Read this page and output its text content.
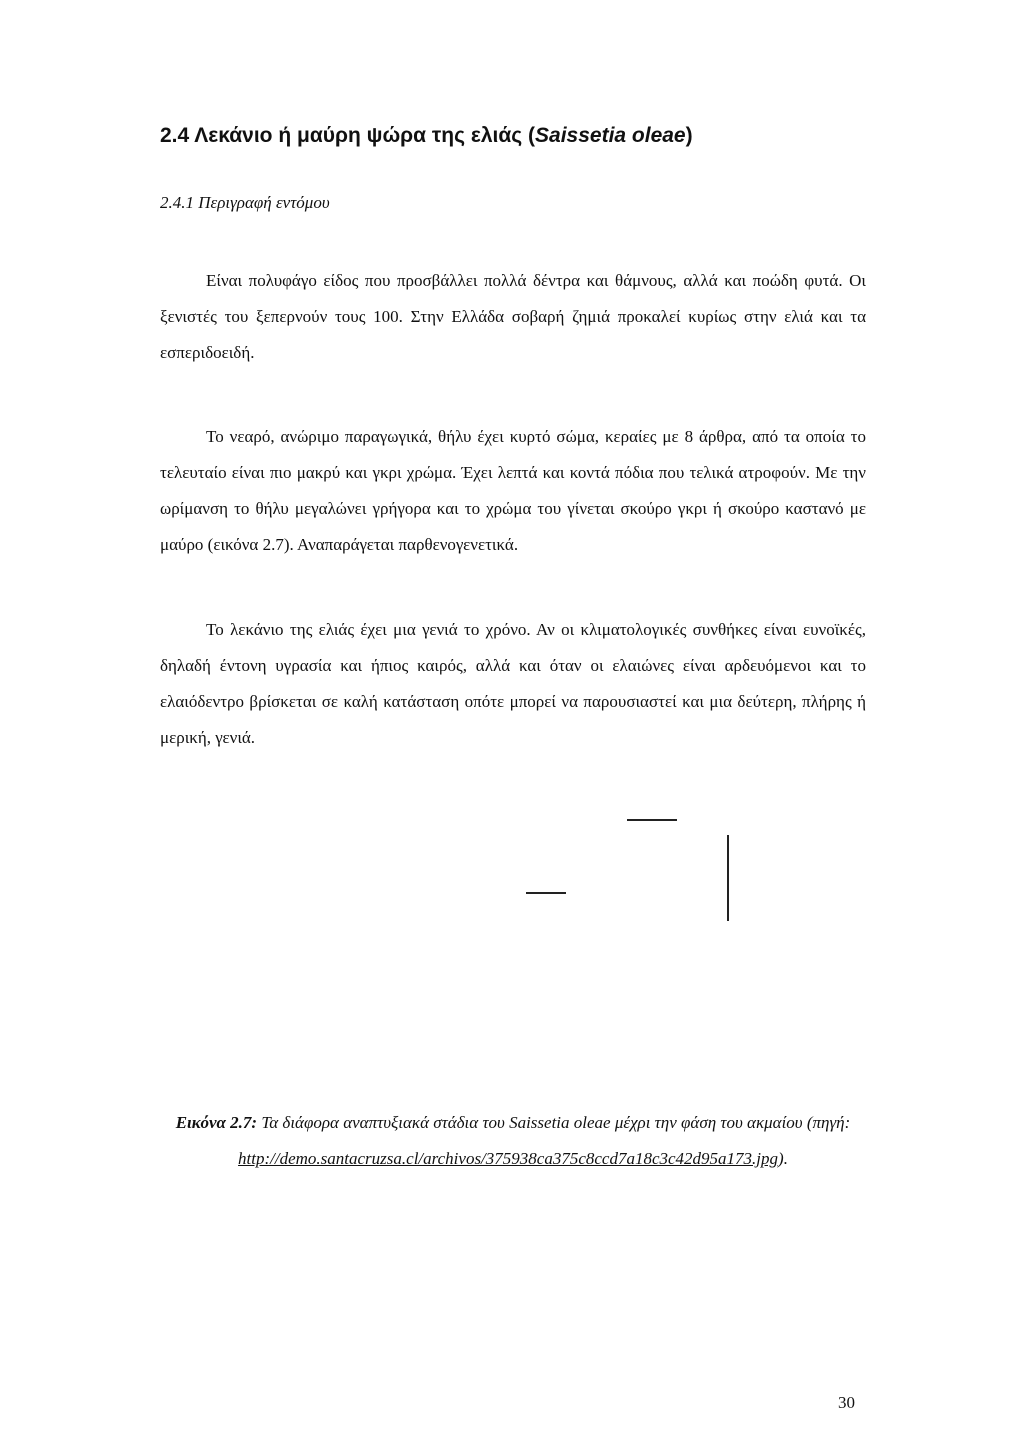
2.4 Λεκάνιο ή μαύρη ψώρα της ελιάς (Saissetia oleae)
2.4.1 Περιγραφή εντόμου

Είναι πολυφάγο είδος που προσβάλλει πολλά δέντρα και θάμνους, αλλά και ποώδη φυτά. Οι ξενιστές του ξεπερνούν τους 100. Στην Ελλάδα σοβαρή ζημιά προκαλεί κυρίως στην ελιά και τα εσπεριδοειδή.

Το νεαρό, ανώριμο παραγωγικά, θήλυ έχει κυρτό σώμα, κεραίες με 8 άρθρα, από τα οποία το τελευταίο είναι πιο μακρύ και γκρι χρώμα. Έχει λεπτά και κοντά πόδια που τελικά ατροφούν. Με την ωρίμανση το θήλυ μεγαλώνει γρήγορα και το χρώμα του γίνεται σκούρο γκρι ή σκούρο καστανό με μαύρο (εικόνα 2.7). Αναπαράγεται παρθενογενετικά.

Το λεκάνιο της ελιάς έχει μια γενιά το χρόνο. Αν οι κλιματολογικές συνθήκες είναι ευνοϊκές, δηλαδή έντονη υγρασία και ήπιος καιρός, αλλά και όταν οι ελαιώνες είναι αρδευόμενοι και το ελαιόδεντρο βρίσκεται σε καλή κατάσταση οπότε μπορεί να παρουσιαστεί και μια δεύτερη, πλήρης ή μερική, γενιά.

Εικόνα 2.7: Τα διάφορα αναπτυξιακά στάδια του Saissetia oleae μέχρι την φάση του ακμαίου (πηγή: http://demo.santacruzsa.cl/archivos/375938ca375c8ccd7a18c3c42d95a173.jpg).
30
